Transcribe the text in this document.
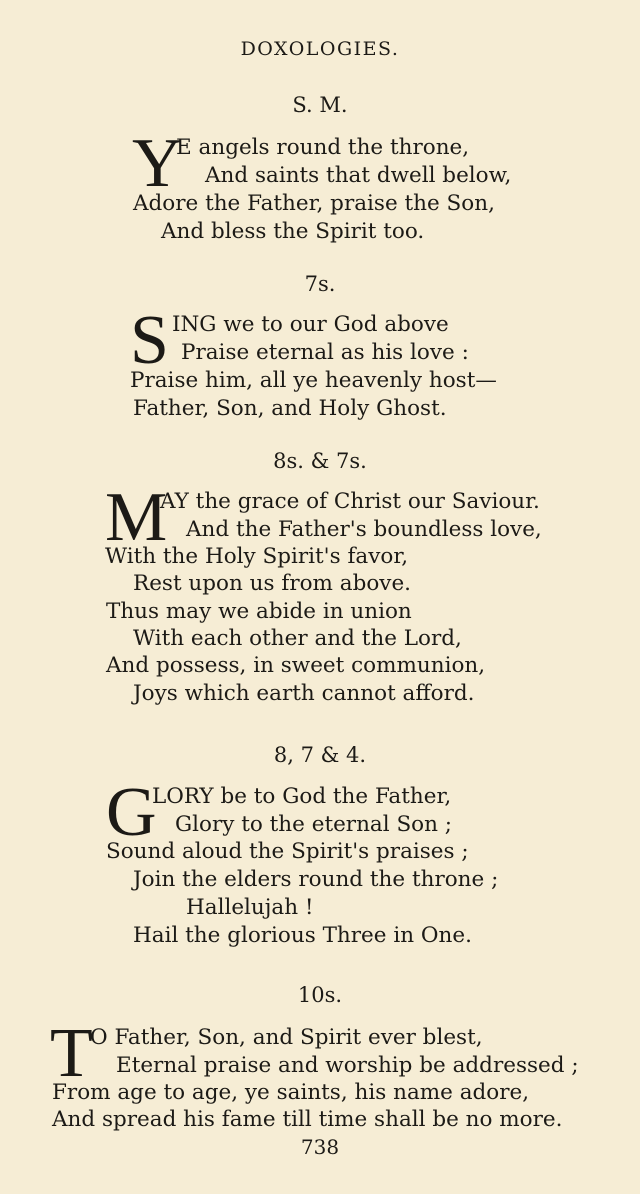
DOXOLOGIES.
S. M.
Y
E angels round the throne,
And saints that dwell below,
Adore the Father, praise the Son,
And bless the Spirit too.
7s.
S ING we to our God above
Praise eternal as his love :
Praise him, all ye heavenly host—
Father, Son, and Holy Ghost.
8s. & 7s.
M
AY the grace of Christ our Saviour.
And the Father's boundless love,
With the Holy Spirit's favor,
Rest upon us from above.
Thus may we abide in union
With each other and the Lord,
And possess, in sweet communion,
Joys which earth cannot afford.
8, 7 & 4.
G
LORY be to God the Father,
Glory to the eternal Son ;
Sound aloud the Spirit's praises ;
Join the elders round the throne ;
Hallelujah !
Hail the glorious Three in One.
10s.
T
O Father, Son, and Spirit ever blest,
Eternal praise and worship be addressed ;
From age to age, ye saints, his name adore,
And spread his fame till time shall be no more.
738
